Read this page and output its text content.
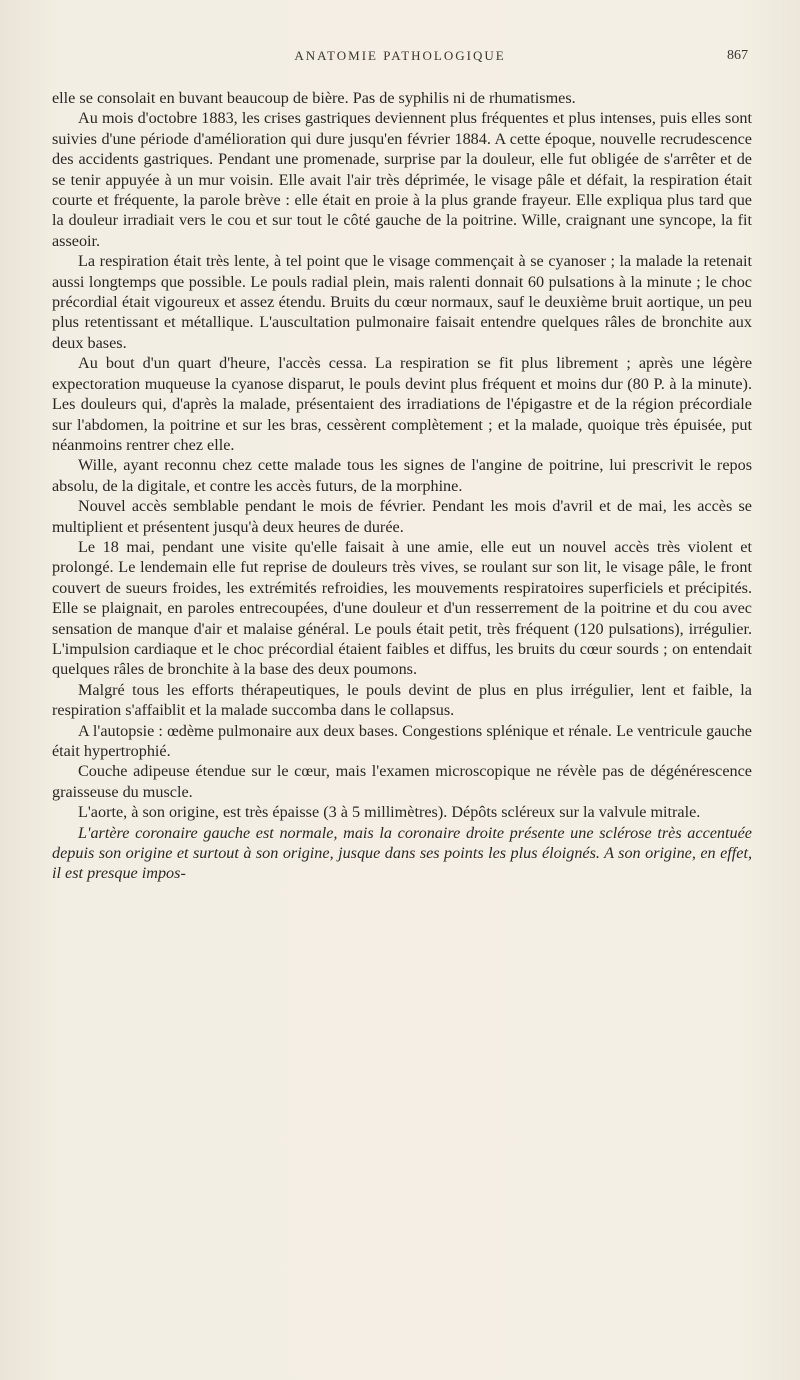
ANATOMIE PATHOLOGIQUE	867

elle se consolait en buvant beaucoup de bière. Pas de syphilis ni de rhumatismes.

Au mois d'octobre 1883, les crises gastriques deviennent plus fréquentes et plus intenses, puis elles sont suivies d'une période d'amélioration qui dure jusqu'en février 1884. A cette époque, nouvelle recrudescence des accidents gastriques. Pendant une promenade, surprise par la douleur, elle fut obligée de s'arrêter et de se tenir appuyée à un mur voisin. Elle avait l'air très déprimée, le visage pâle et défait, la respiration était courte et fréquente, la parole brève : elle était en proie à la plus grande frayeur. Elle expliqua plus tard que la douleur irradiait vers le cou et sur tout le côté gauche de la poitrine. Wille, craignant une syncope, la fit asseoir.

La respiration était très lente, à tel point que le visage commençait à se cyanoser ; la malade la retenait aussi longtemps que possible. Le pouls radial plein, mais ralenti donnait 60 pulsations à la minute ; le choc précordial était vigoureux et assez étendu. Bruits du cœur normaux, sauf le deuxième bruit aortique, un peu plus retentissant et métallique. L'auscultation pulmonaire faisait entendre quelques râles de bronchite aux deux bases.

Au bout d'un quart d'heure, l'accès cessa. La respiration se fit plus librement ; après une légère expectoration muqueuse la cyanose disparut, le pouls devint plus fréquent et moins dur (80 P. à la minute). Les douleurs qui, d'après la malade, présentaient des irradiations de l'épigastre et de la région précordiale sur l'abdomen, la poitrine et sur les bras, cessèrent complètement ; et la malade, quoique très épuisée, put néanmoins rentrer chez elle.

Wille, ayant reconnu chez cette malade tous les signes de l'angine de poitrine, lui prescrivit le repos absolu, de la digitale, et contre les accès futurs, de la morphine.

Nouvel accès semblable pendant le mois de février. Pendant les mois d'avril et de mai, les accès se multiplient et présentent jusqu'à deux heures de durée.

Le 18 mai, pendant une visite qu'elle faisait à une amie, elle eut un nouvel accès très violent et prolongé. Le lendemain elle fut reprise de douleurs très vives, se roulant sur son lit, le visage pâle, le front couvert de sueurs froides, les extrémités refroidies, les mouvements respiratoires superficiels et précipités. Elle se plaignait, en paroles entrecoupées, d'une douleur et d'un resserrement de la poitrine et du cou avec sensation de manque d'air et malaise général. Le pouls était petit, très fréquent (120 pulsations), irrégulier. L'impulsion cardiaque et le choc précordial étaient faibles et diffus, les bruits du cœur sourds ; on entendait quelques râles de bronchite à la base des deux poumons.

Malgré tous les efforts thérapeutiques, le pouls devint de plus en plus irrégulier, lent et faible, la respiration s'affaiblit et la malade succomba dans le collapsus.

A l'autopsie : œdème pulmonaire aux deux bases. Congestions splénique et rénale. Le ventricule gauche était hypertrophié.

Couche adipeuse étendue sur le cœur, mais l'examen microscopique ne révèle pas de dégénérescence graisseuse du muscle.

L'aorte, à son origine, est très épaisse (3 à 5 millimètres). Dépôts scléreux sur la valvule mitrale.

L'artère coronaire gauche est normale, mais la coronaire droite présente une sclérose très accentuée depuis son origine et surtout à son origine, jusque dans ses points les plus éloignés. A son origine, en effet, il est presque impos-
